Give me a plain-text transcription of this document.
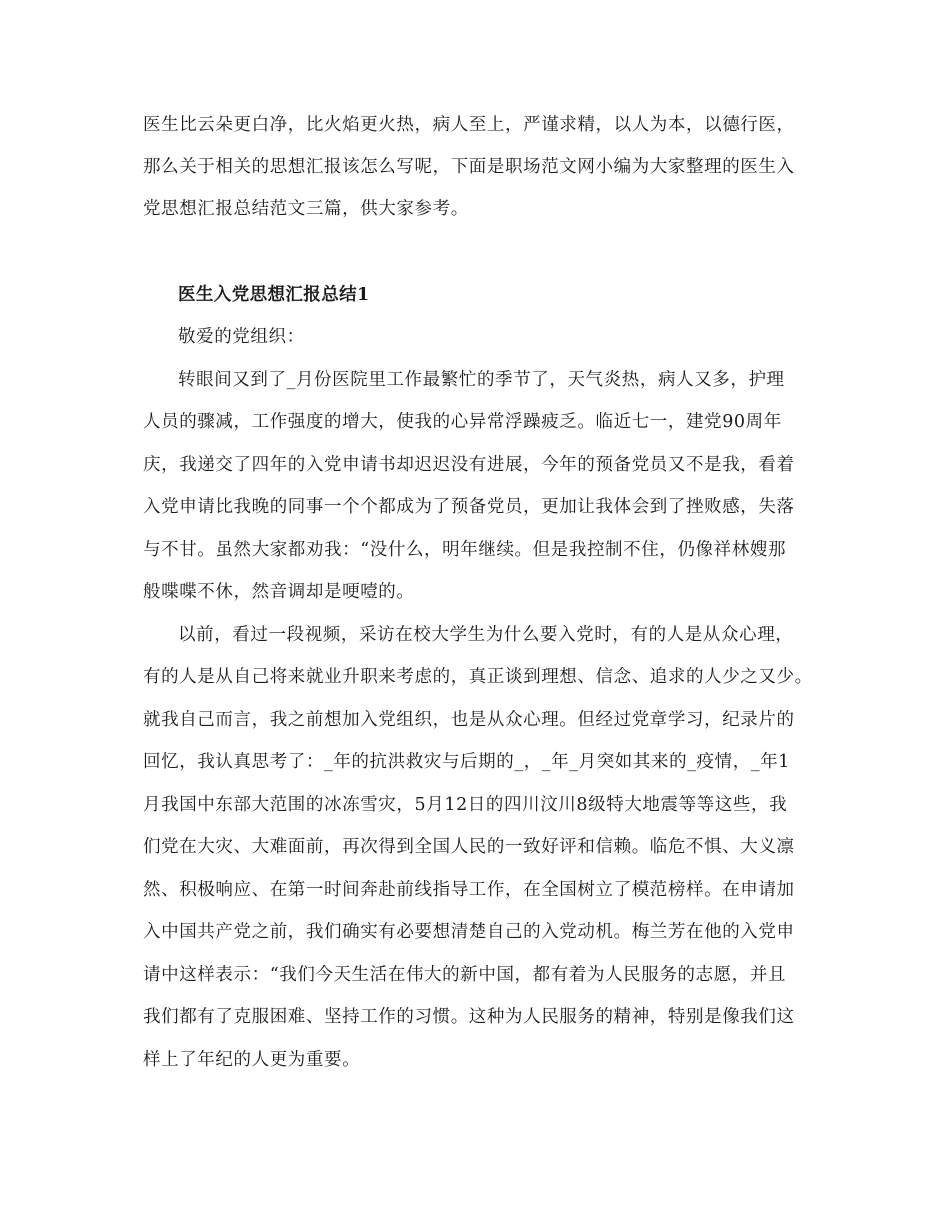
医生比云朵更白净，比火焰更火热，病人至上，严谨求精，以人为本，以德行医，
那么关于相关的思想汇报该怎么写呢，下面是职场范文网小编为大家整理的医生入
党思想汇报总结范文三篇，供大家参考。
医生入党思想汇报总结1
敬爱的党组织：
转眼间又到了_月份医院里工作最繁忙的季节了，天气炎热，病人又多，护理
人员的骤减，工作强度的增大，使我的心异常浮躁疲乏。临近七一，建党90周年
庆，我递交了四年的入党申请书却迟迟没有进展，今年的预备党员又不是我，看着
入党申请比我晚的同事一个个都成为了预备党员，更加让我体会到了挫败感，失落
与不甘。虽然大家都劝我：“没什么，明年继续。但是我控制不住，仍像祥林嫂那
般喋喋不休，然音调却是哽噎的。
以前，看过一段视频，采访在校大学生为什么要入党时，有的人是从众心理，
有的人是从自己将来就业升职来考虑的，真正谈到理想、信念、追求的人少之又少。
就我自己而言，我之前想加入党组织，也是从众心理。但经过党章学习，纪录片的
回忆，我认真思考了：_年的抗洪救灾与后期的_，_年_月突如其来的_疫情，_年1
月我国中东部大范围的冰冻雪灾，5月12日的四川汶川8级特大地震等等这些，我
们党在大灾、大难面前，再次得到全国人民的一致好评和信赖。临危不惧、大义凛
然、积极响应、在第一时间奔赴前线指导工作，在全国树立了模范榜样。在申请加
入中国共产党之前，我们确实有必要想清楚自己的入党动机。梅兰芳在他的入党申
请中这样表示：“我们今天生活在伟大的新中国，都有着为人民服务的志愿，并且
我们都有了克服困难、坚持工作的习惯。这种为人民服务的精神，特别是像我们这
样上了年纪的人更为重要。
